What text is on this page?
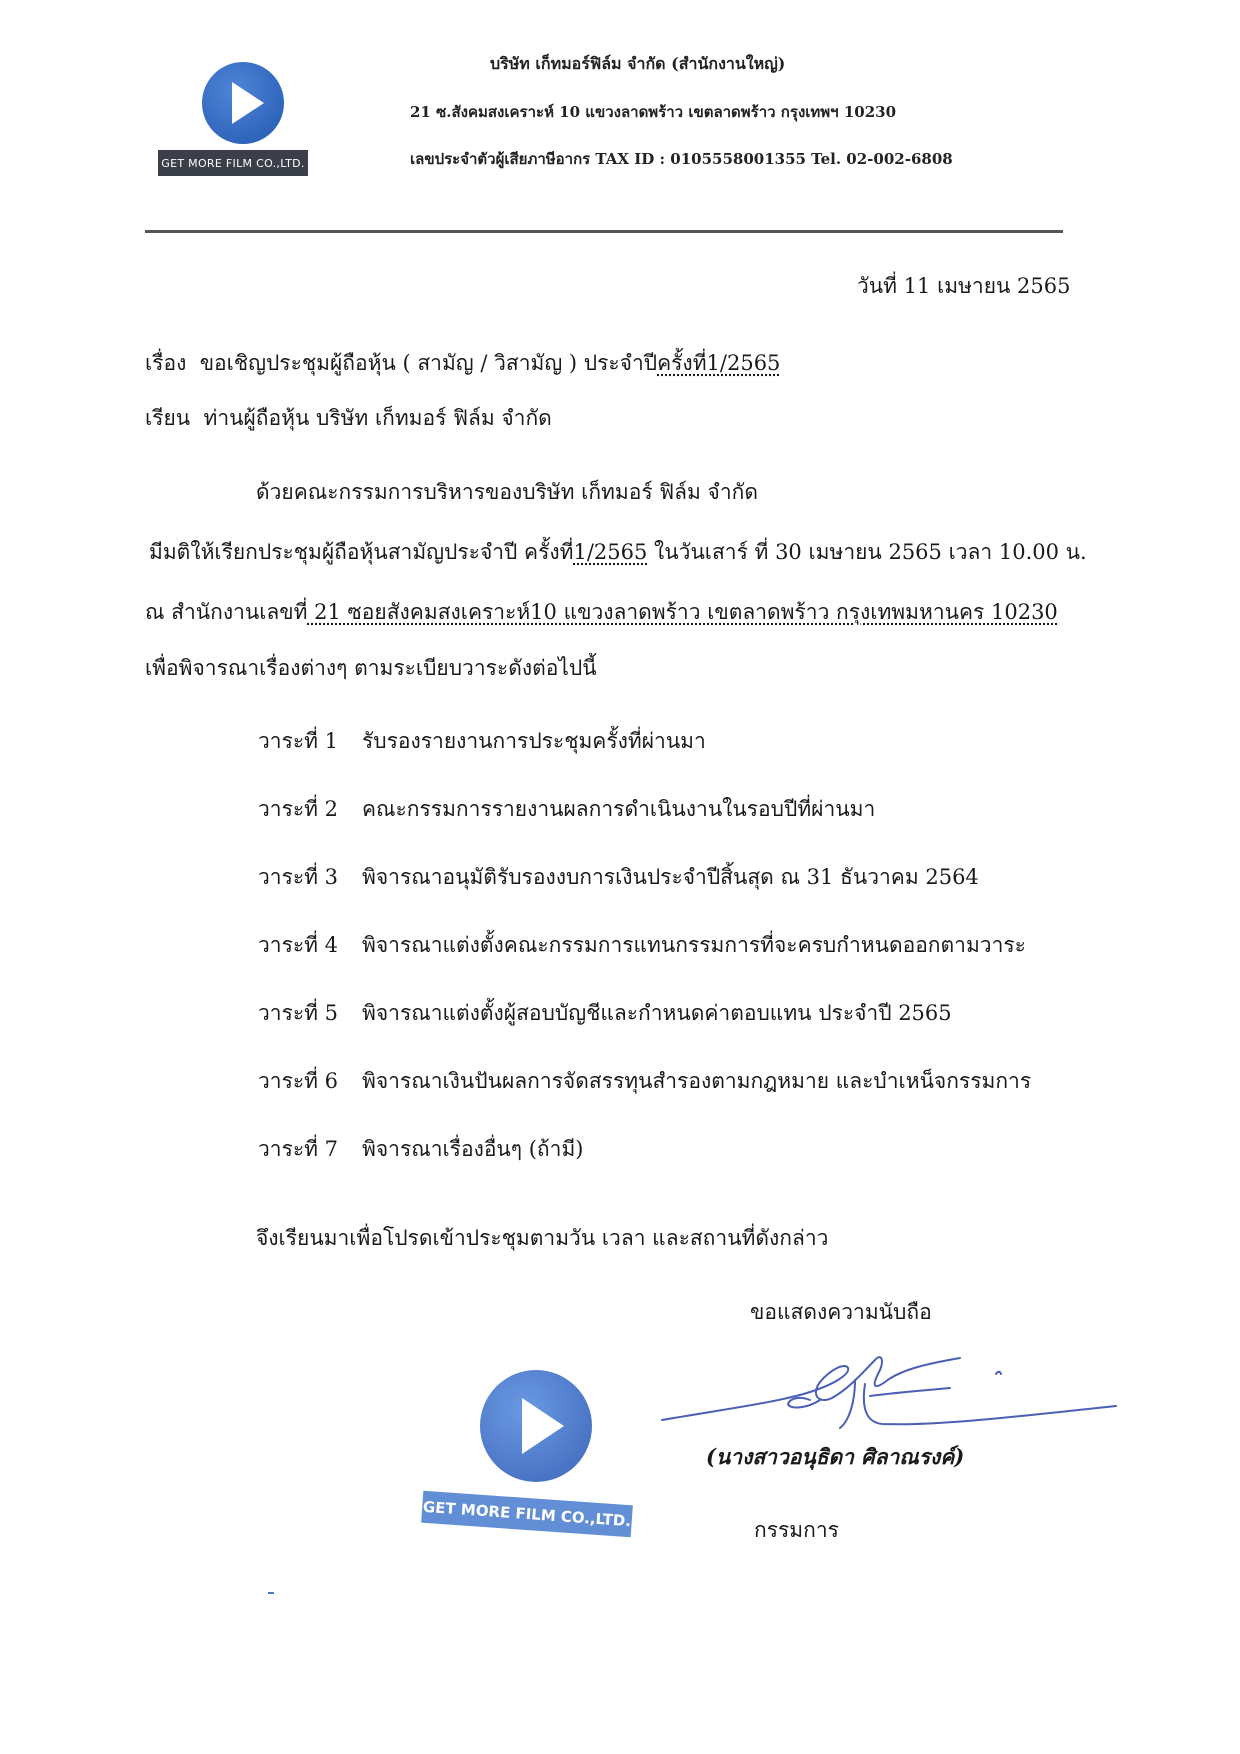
GET MORE FILM CO.,LTD.
บริษัท เก็ทมอร์ฟิล์ม จำกัด (สำนักงานใหญ่)
21 ซ.สังคมสงเคราะห์ 10 แขวงลาดพร้าว เขตลาดพร้าว กรุงเทพฯ 10230
เลขประจำตัวผู้เสียภาษีอากร TAX ID : 0105558001355 Tel. 02-002-6808
วันที่ 11 เมษายน 2565
เรื่อง ขอเชิญประชุมผู้ถือหุ้น ( สามัญ / วิสามัญ ) ประจำปีครั้งที่1/2565
เรียน ท่านผู้ถือหุ้น บริษัท เก็ทมอร์ ฟิล์ม จำกัด
ด้วยคณะกรรมการบริหารของบริษัท เก็ทมอร์ ฟิล์ม จำกัด
มีมติให้เรียกประชุมผู้ถือหุ้นสามัญประจำปี ครั้งที่1/2565 ในวันเสาร์ ที่ 30 เมษายน 2565 เวลา 10.00 น.
ณ สำนักงานเลขที่ 21 ซอยสังคมสงเคราะห์10 แขวงลาดพร้าว เขตลาดพร้าว กรุงเทพมหานคร 10230
เพื่อพิจารณาเรื่องต่างๆ ตามระเบียบวาระดังต่อไปนี้
วาระที่ 1 รับรองรายงานการประชุมครั้งที่ผ่านมา
วาระที่ 2 คณะกรรมการรายงานผลการดำเนินงานในรอบปีที่ผ่านมา
วาระที่ 3 พิจารณาอนุมัติรับรองงบการเงินประจำปีสิ้นสุด ณ 31 ธันวาคม 2564
วาระที่ 4 พิจารณาแต่งตั้งคณะกรรมการแทนกรรมการที่จะครบกำหนดออกตามวาระ
วาระที่ 5 พิจารณาแต่งตั้งผู้สอบบัญชีและกำหนดค่าตอบแทน ประจำปี 2565
วาระที่ 6 พิจารณาเงินปันผลการจัดสรรทุนสำรองตามกฎหมาย และบำเหน็จกรรมการ
วาระที่ 7 พิจารณาเรื่องอื่นๆ (ถ้ามี)
จึงเรียนมาเพื่อโปรดเข้าประชุมตามวัน เวลา และสถานที่ดังกล่าว
ขอแสดงความนับถือ
GET MORE FILM CO.,LTD.
(นางสาวอนุธิดา ศิลาณรงค์)
กรรมการ
